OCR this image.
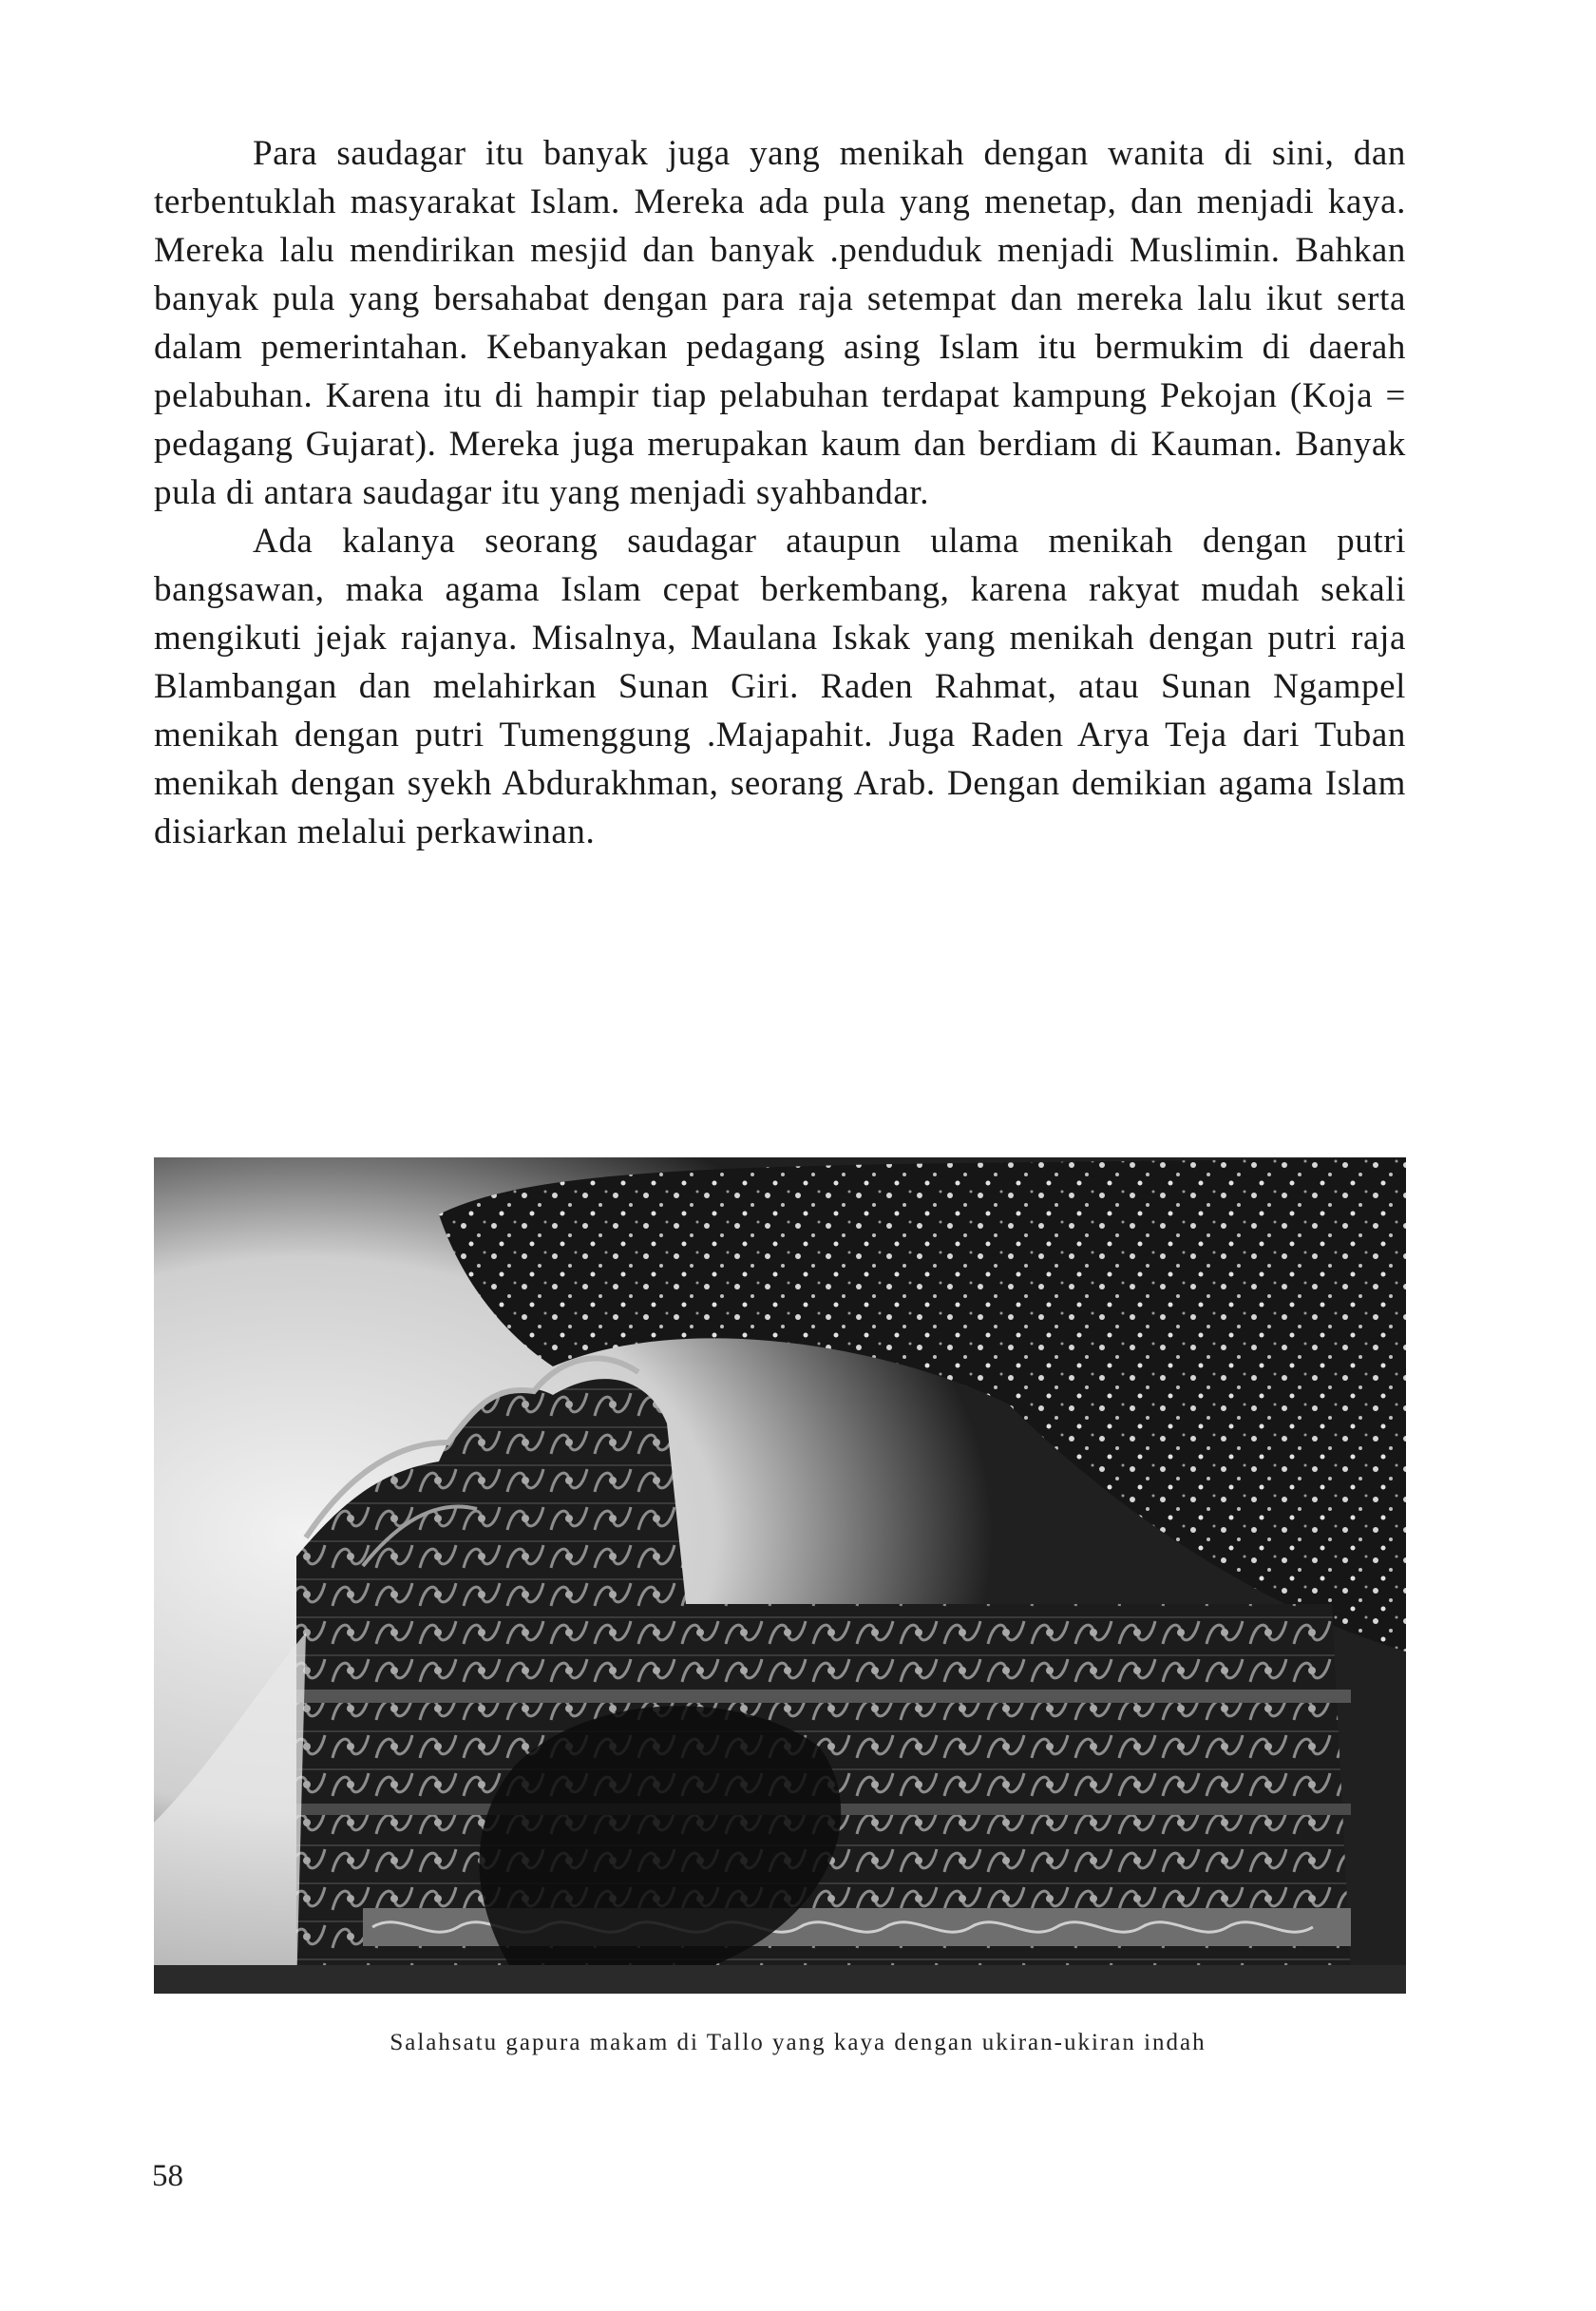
Para saudagar itu banyak juga yang menikah dengan wanita di sini, dan terbentuklah masyarakat Islam. Mereka ada pula yang menetap, dan menjadi kaya. Mereka lalu mendirikan mesjid dan banyak .penduduk menjadi Muslimin. Bahkan banyak pula yang bersahabat dengan para raja setempat dan mereka lalu ikut serta dalam pemerintahan. Kebanyakan pedagang asing Islam itu bermukim di daerah pelabuhan. Karena itu di hampir tiap pelabuhan terdapat kampung Pekojan (Koja = pedagang Gujarat). Mereka juga merupakan kaum dan berdiam di Kauman. Banyak pula di antara saudagar itu yang menjadi syahbandar.

Ada kalanya seorang saudagar ataupun ulama menikah dengan putri bangsawan, maka agama Islam cepat berkembang, karena rakyat mudah sekali mengikuti jejak rajanya. Misalnya, Maulana Iskak yang menikah dengan putri raja Blambangan dan melahirkan Sunan Giri. Raden Rahmat, atau Sunan Ngampel menikah dengan putri Tumenggung .Majapahit. Juga Raden Arya Teja dari Tuban menikah dengan syekh Abdurakhman, seorang Arab. Dengan demikian agama Islam disiarkan melalui perkawinan.

Salahsatu gapura makam di Tallo yang kaya dengan ukiran-ukiran indah
58
